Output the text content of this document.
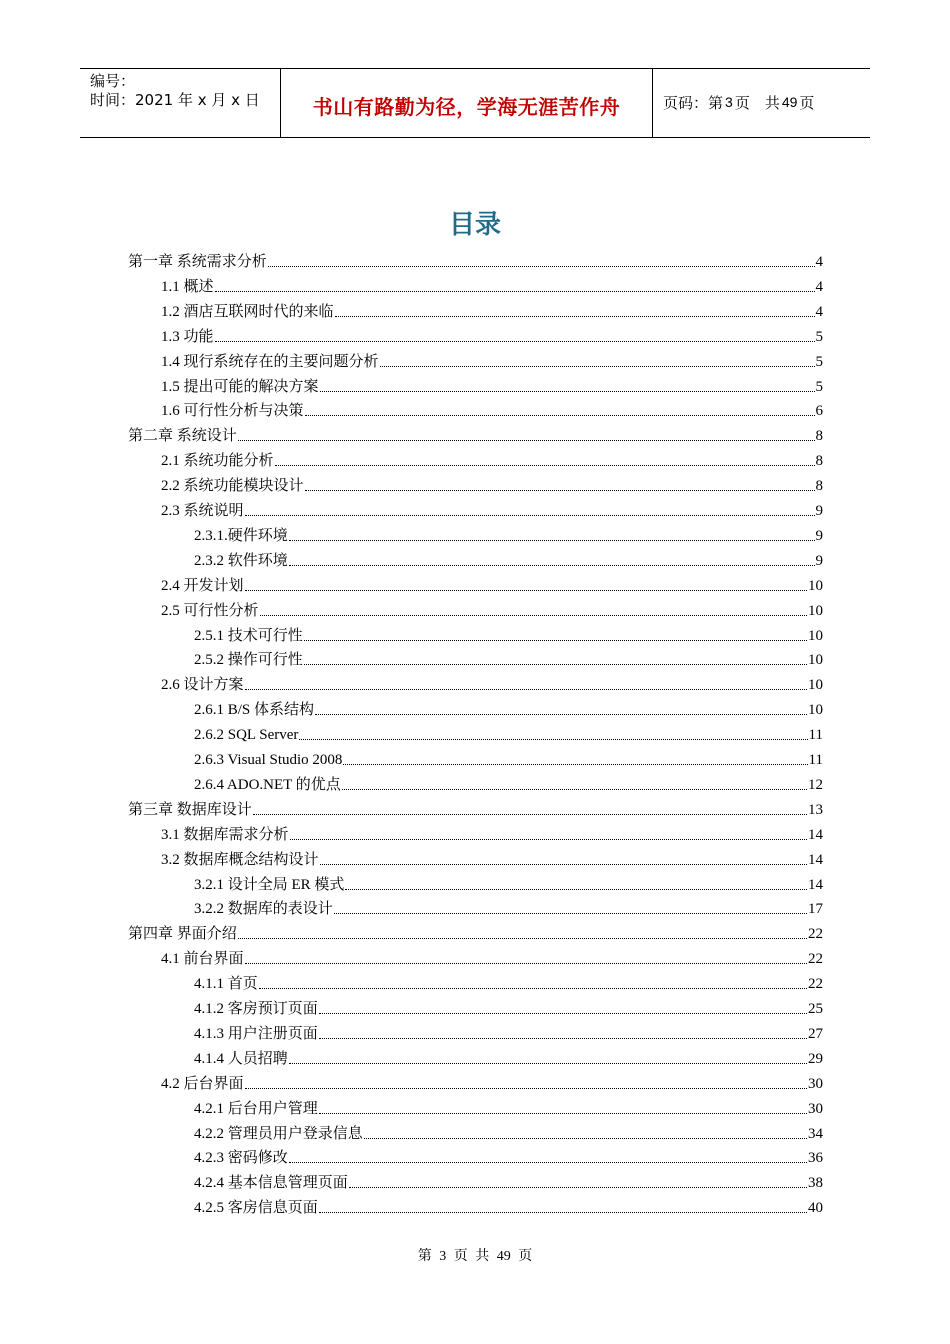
编号：
时间：2021 年 x 月 x 日	书山有路勤为径，学海无涯苦作舟	页码：第 3 页　共 49 页
目录
第一章 系统需求分析	4
1.1 概述	4
1.2 酒店互联网时代的来临	4
1.3 功能	5
1.4 现行系统存在的主要问题分析	5
1.5 提出可能的解决方案	5
1.6 可行性分析与决策	6
第二章 系统设计	8
2.1 系统功能分析	8
2.2 系统功能模块设计	8
2.3 系统说明	9
2.3.1.硬件环境	9
2.3.2 软件环境	9
2.4 开发计划	10
2.5 可行性分析	10
2.5.1 技术可行性	10
2.5.2 操作可行性	10
2.6 设计方案	10
2.6.1 B/S 体系结构	10
2.6.2 SQL Server	11
2.6.3 Visual Studio 2008	11
2.6.4 ADO.NET 的优点	12
第三章 数据库设计	13
3.1 数据库需求分析	14
3.2 数据库概念结构设计	14
3.2.1 设计全局 ER 模式	14
3.2.2 数据库的表设计	17
第四章 界面介绍	22
4.1 前台界面	22
4.1.1 首页	22
4.1.2 客房预订页面	25
4.1.3 用户注册页面	27
4.1.4 人员招聘	29
4.2 后台界面	30
4.2.1 后台用户管理	30
4.2.2 管理员用户登录信息	34
4.2.3 密码修改	36
4.2.4 基本信息管理页面	38
4.2.5 客房信息页面	40
第 3 页 共 49 页
